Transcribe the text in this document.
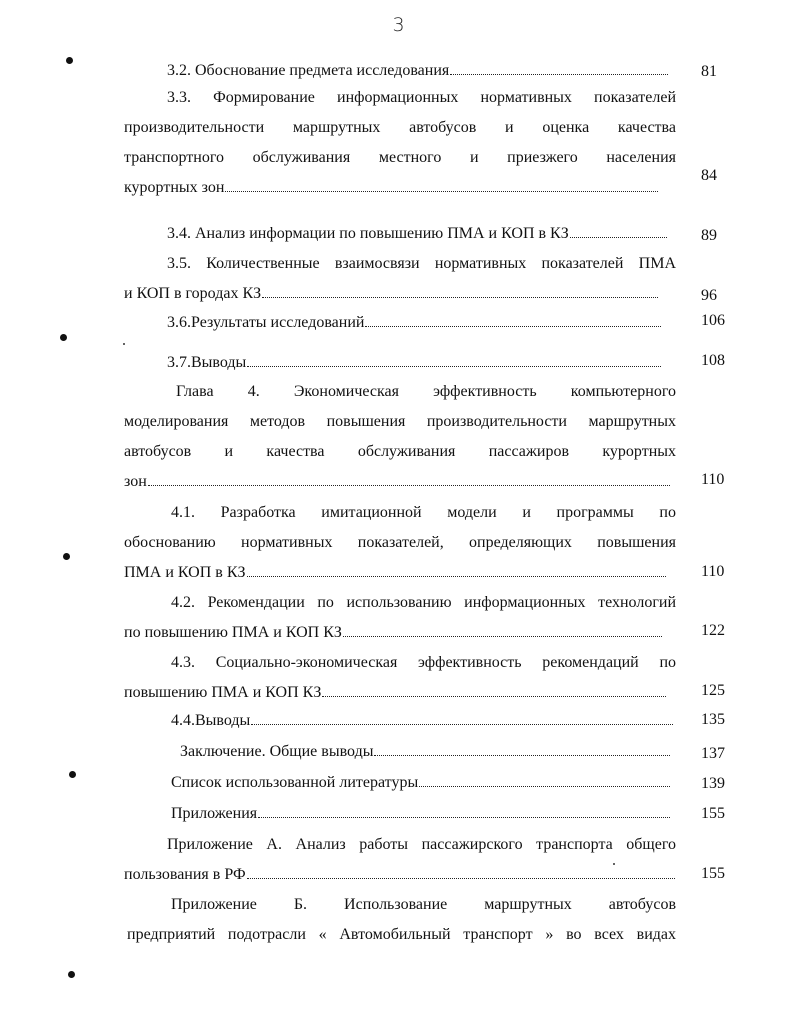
3
3.2. Обоснование предмета исследования	81
3.3. Формирование информационных нормативных показателей
производительности маршрутных автобусов и оценка качества
транспортного обслуживания местного и приезжего населения
курортных зон
84
3.4. Анализ информации по повышению ПМА и КОП в КЗ	89
3.5. Количественные взаимосвязи нормативных показателей ПМА
и КОП в городах КЗ	96
3.6.Результаты исследований	106
3.7.Выводы	108
Глава 4. Экономическая эффективность компьютерного
моделирования методов повышения производительности маршрутных
автобусов и качества обслуживания пассажиров курортных
зон	110
4.1. Разработка имитационной модели и программы по
обоснованию нормативных показателей, определяющих повышения
ПМА и КОП в КЗ	110
4.2. Рекомендации по использованию информационных технологий
по повышению ПМА и КОП КЗ	122
4.3. Социально-экономическая эффективность рекомендаций по
повышению ПМА и КОП КЗ	125
4.4.Выводы	135
Заключение. Общие выводы	137
Список использованной литературы	139
Приложения	155
Приложение А. Анализ работы пассажирского транспорта общего
пользования в РФ	155
Приложение Б. Использование маршрутных автобусов
предприятий подотрасли « Автомобильный транспорт » во всех видах
